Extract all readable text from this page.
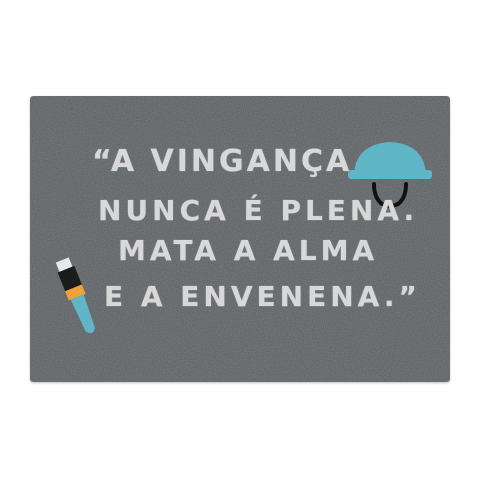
“A VINGANÇA
NUNCA É PLENA.
MATA A ALMA
E A ENVENENA.”
